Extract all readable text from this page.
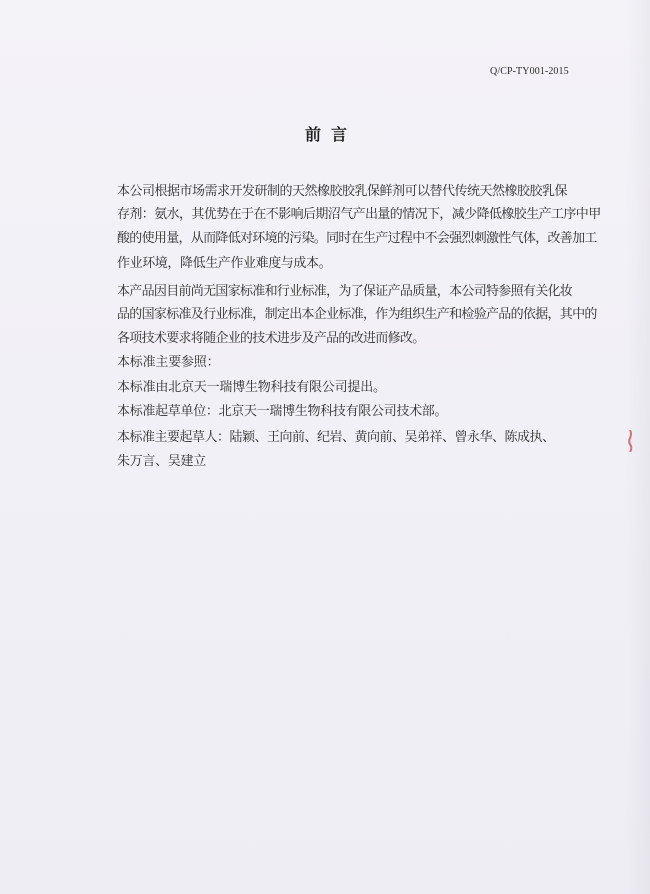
Q/CP-TY001-2015
前言
本公司根据市场需求开发研制的天然橡胶胶乳保鲜剂可以替代传统天然橡胶胶乳保
存剂：氨水，其优势在于在不影响后期沼气产出量的情况下，减少降低橡胶生产工序中甲
酸的使用量，从而降低对环境的污染。同时在生产过程中不会强烈刺激性气体，改善加工
作业环境，降低生产作业难度与成本。
本产品因目前尚无国家标准和行业标准，为了保证产品质量，本公司特参照有关化妆
品的国家标准及行业标准，制定出本企业标准，作为组织生产和检验产品的依据，其中的
各项技术要求将随企业的技术进步及产品的改进而修改。
本标准主要参照：
本标准由北京天一瑞博生物科技有限公司提出。
本标准起草单位：北京天一瑞博生物科技有限公司技术部。
本标准主要起草人：陆颖、王向前、纪岩、黄向前、吴弟祥、曾永华、陈成执、
朱万言、吴建立
